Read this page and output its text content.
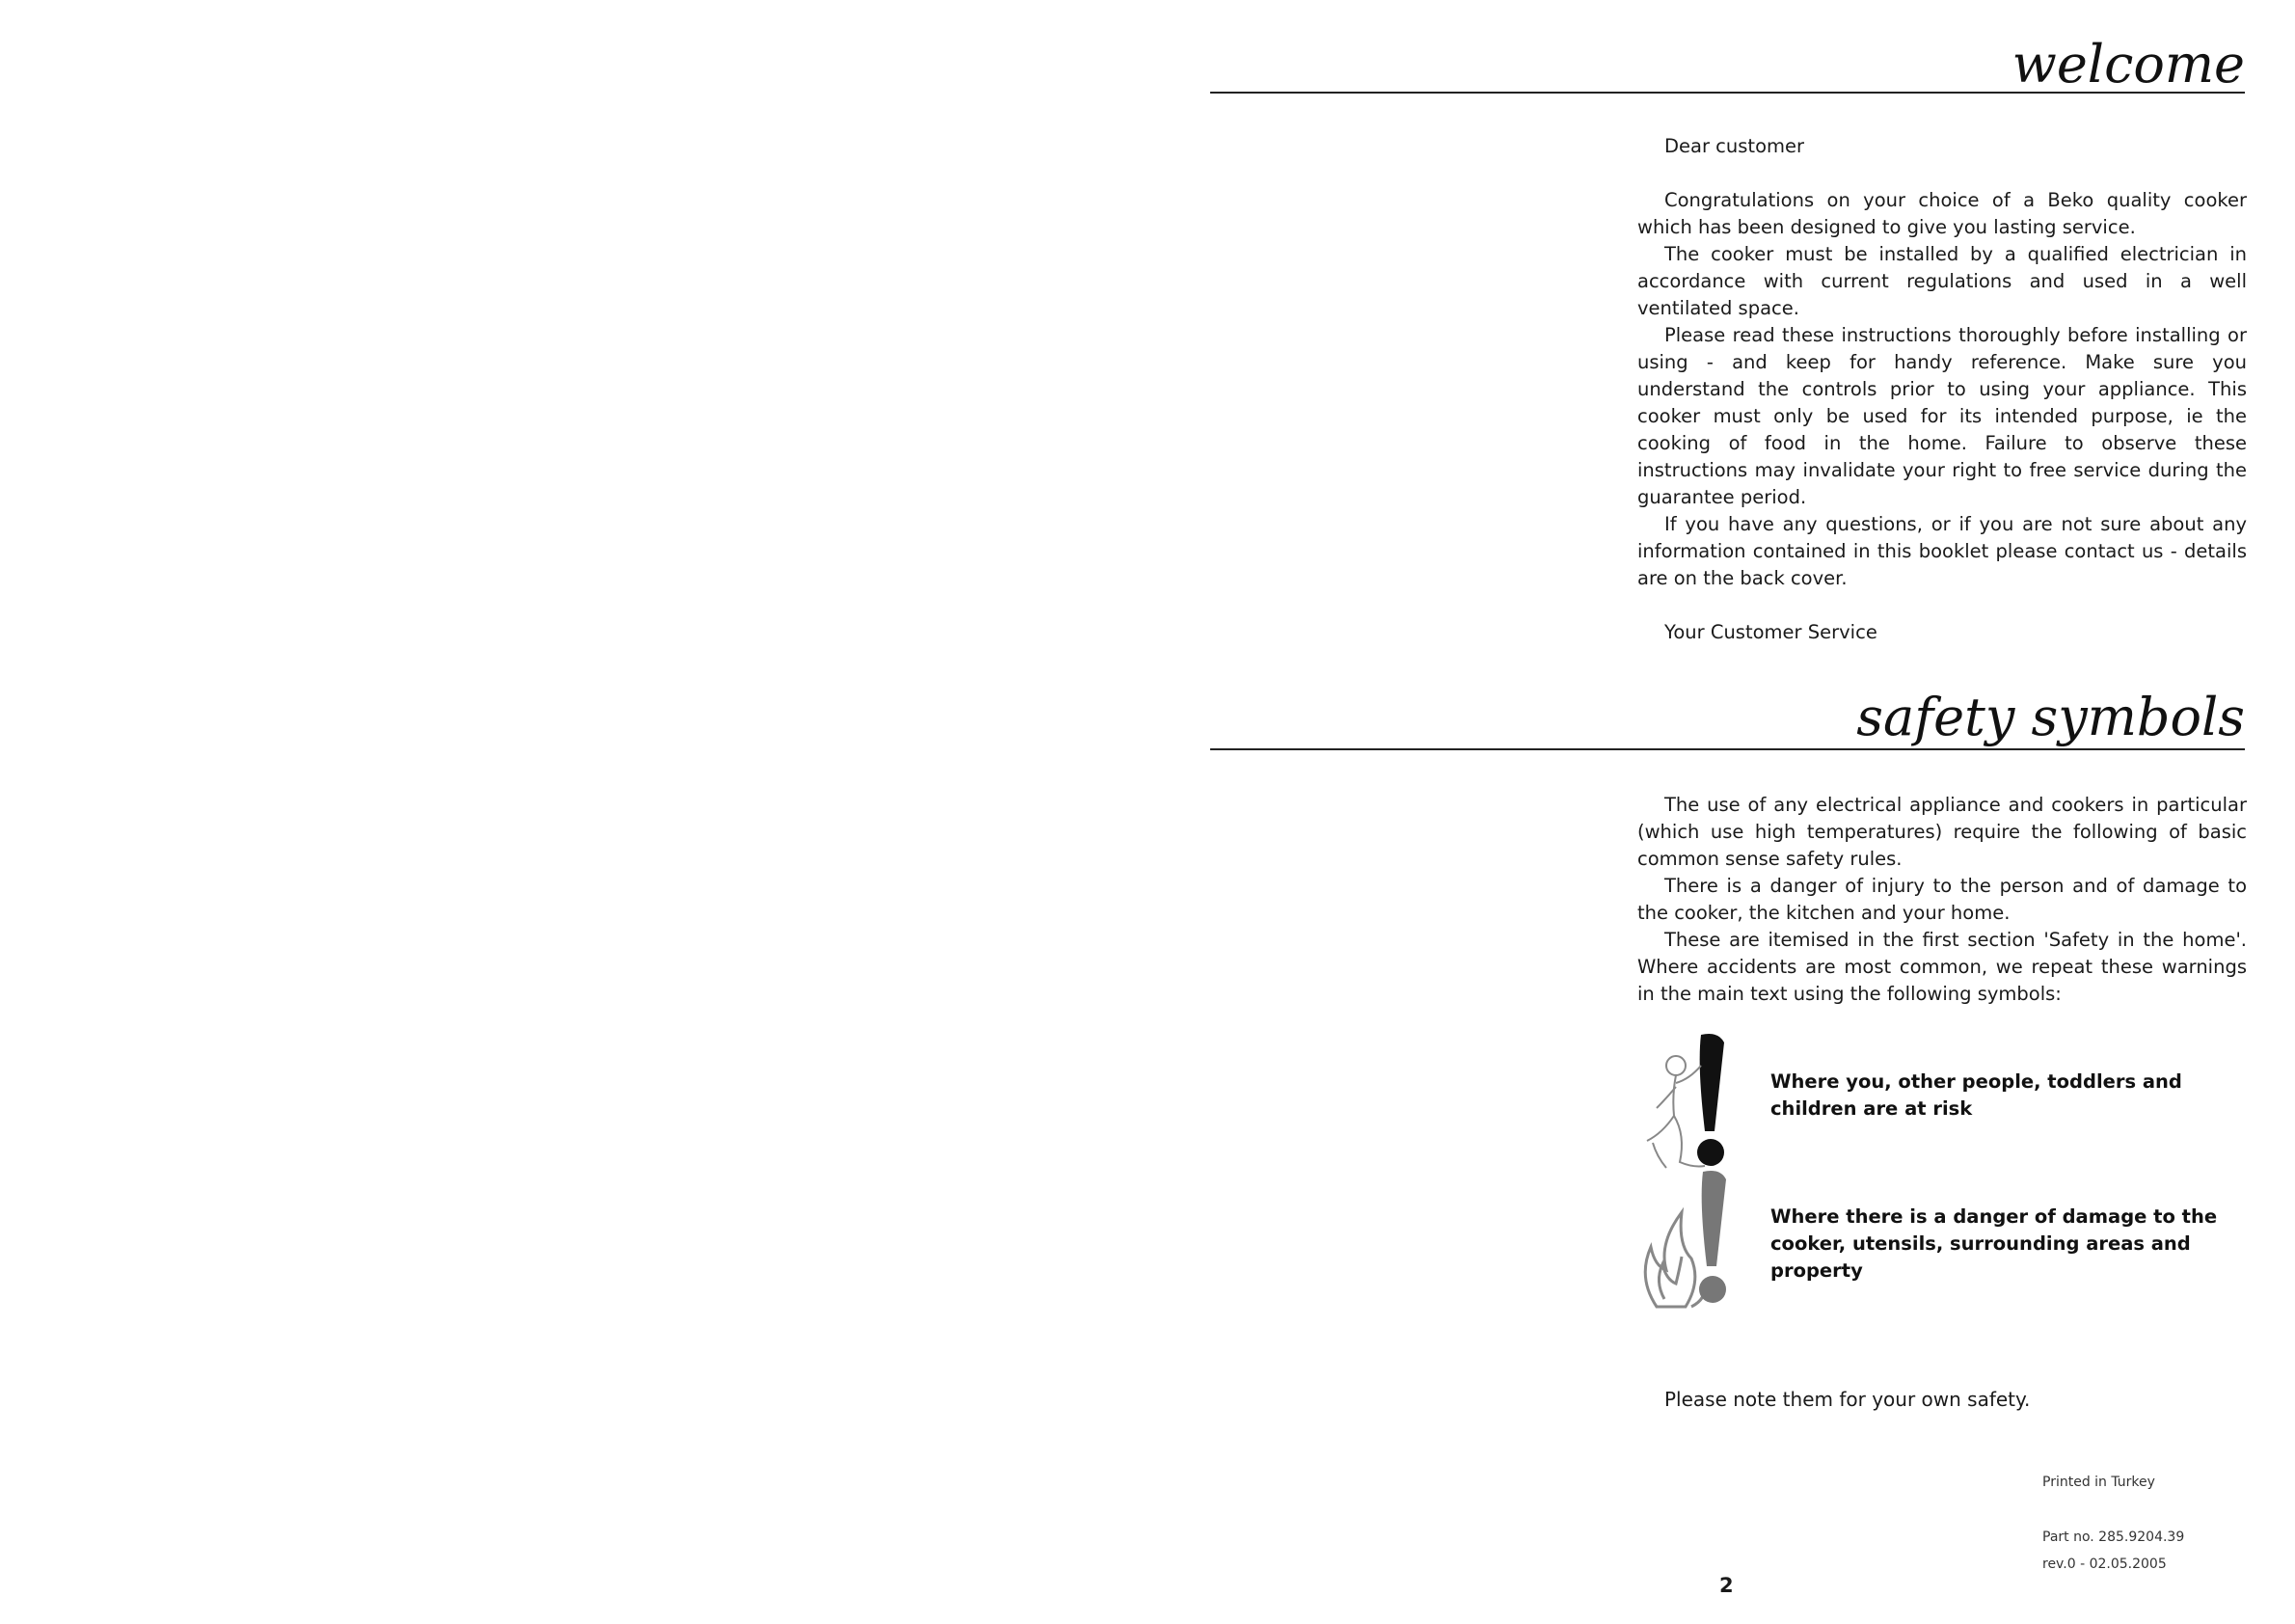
welcome

Dear customer

Congratulations on your choice of a Beko quality cooker which has been designed to give you lasting service.

The cooker must be installed by a qualified electrician in accordance with current regulations and used in a well ventilated space.

Please read these instructions thoroughly before installing or using - and keep for handy reference. Make sure you understand the controls prior to using your appliance. This cooker must only be used for its intended purpose, ie the cooking of food in the home. Failure to observe these instructions may invalidate your right to free service during the guarantee period.

If you have any questions, or if you are not sure about any information contained in this booklet please contact us - details are on the back cover.

Your Customer Service

safety symbols

The use of any electrical appliance and cookers in particular (which use high temperatures) require the following of basic common sense safety rules.

There is a danger of injury to the person and of damage to the cooker, the kitchen and your home.

These are itemised in the first section 'Safety in the home'. Where accidents are most common, we repeat these warnings in the main text using the following symbols:

Where you, other people, toddlers and children are at risk
Where there is a danger of damage to the cooker, utensils, surrounding areas and property
Please note them for your own safety.
Printed in Turkey
Part no. 285.9204.39
rev.0 - 02.05.2005
2
